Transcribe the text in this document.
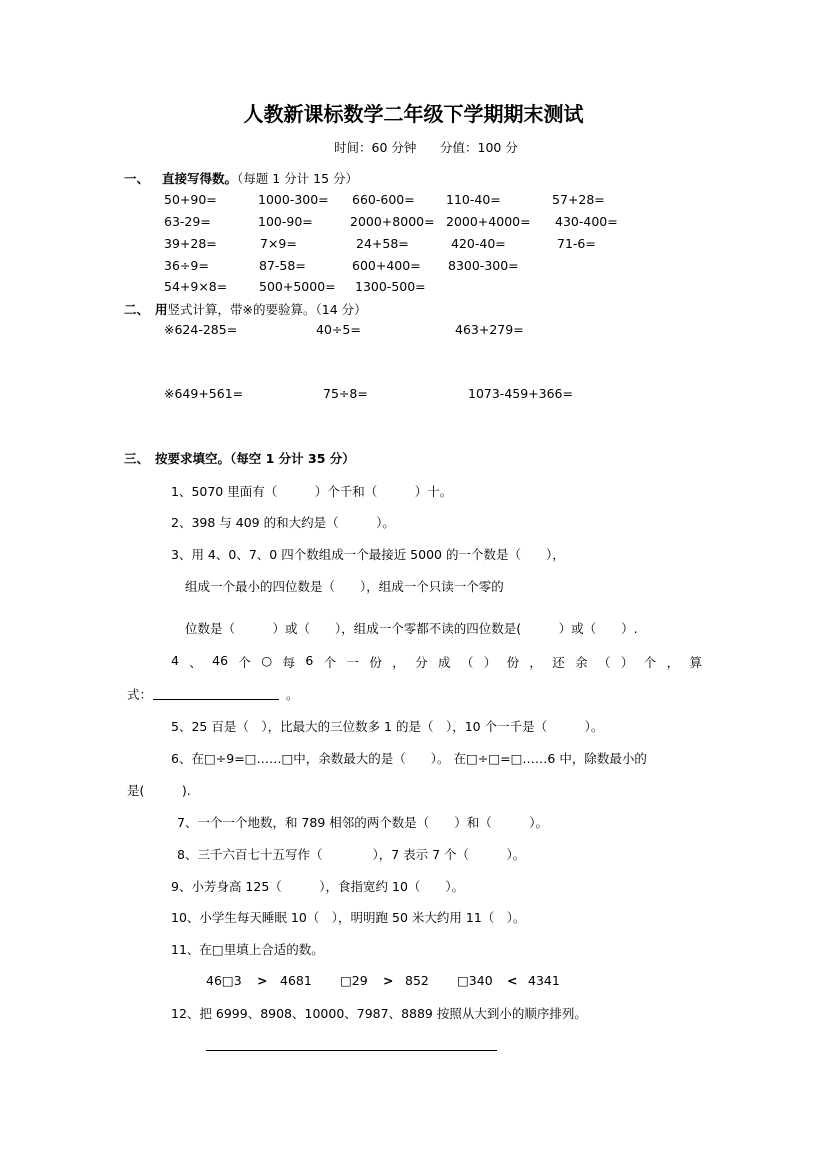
人教新课标数学二年级下学期期末测试
时间：60 分钟 分值：100 分
一、 直接写得数。（每题 1 分计 15 分）
50+90=	1000-300= 660-600=	110-40=	57+28=
63-29=	100-90=	2000+8000= 2000+4000= 430-400=
39+28=	7×9=	24+58=	420-40=	71-6=
36÷9=	87-58=	600+400= 8300-300=
54+9×8=	500+5000= 1300-500=
二、 用竖式计算，带※的要验算。（14 分）
※624-285=	40÷5=	463+279=
※649+561=	75÷8=	1073-459+366=
三、 按要求填空。（每空 1 分计 35 分）
1、5070 里面有（　　　）个千和（　　　）十。
2、398 与 409 的和大约是（　　　）。
3、用 4、0、7、0 四个数组成一个最接近 5000 的一个数是（　　），
组成一个最小的四位数是（　　），组成一个只读一个零的
位数是（　　　）或（　　），组成一个零都不读的四位数是(　　　）或（　　）.
4 、 46 个 ○ 每 6 个 一 份 ， 分 成 （ ） 份 ， 还 余 （ ） 个 ， 算
式：	。
5、25 百是（　），比最大的三位数多 1 的是（　），10 个一千是（　　　）。
6、在□÷9=□……□中，余数最大的是（　　）。 在□÷□=□……6 中，除数最小的
是(　　　).
7、一个一个地数，和 789 相邻的两个数是（　　）和（　　　）。
8、三千六百七十五写作（　　　　），7 表示 7 个（　　　）。
9、小芳身高 125（　　　），食指宽约 10（　　）。
10、小学生每天睡眠 10（　），明明跑 50 米大约用 11（　）。
11、在□里填上合适的数。
46□3 > 4681 □29 > 852 □340 < 4341
12、把 6999、8908、10000、7987、8889 按照从大到小的顺序排列。
